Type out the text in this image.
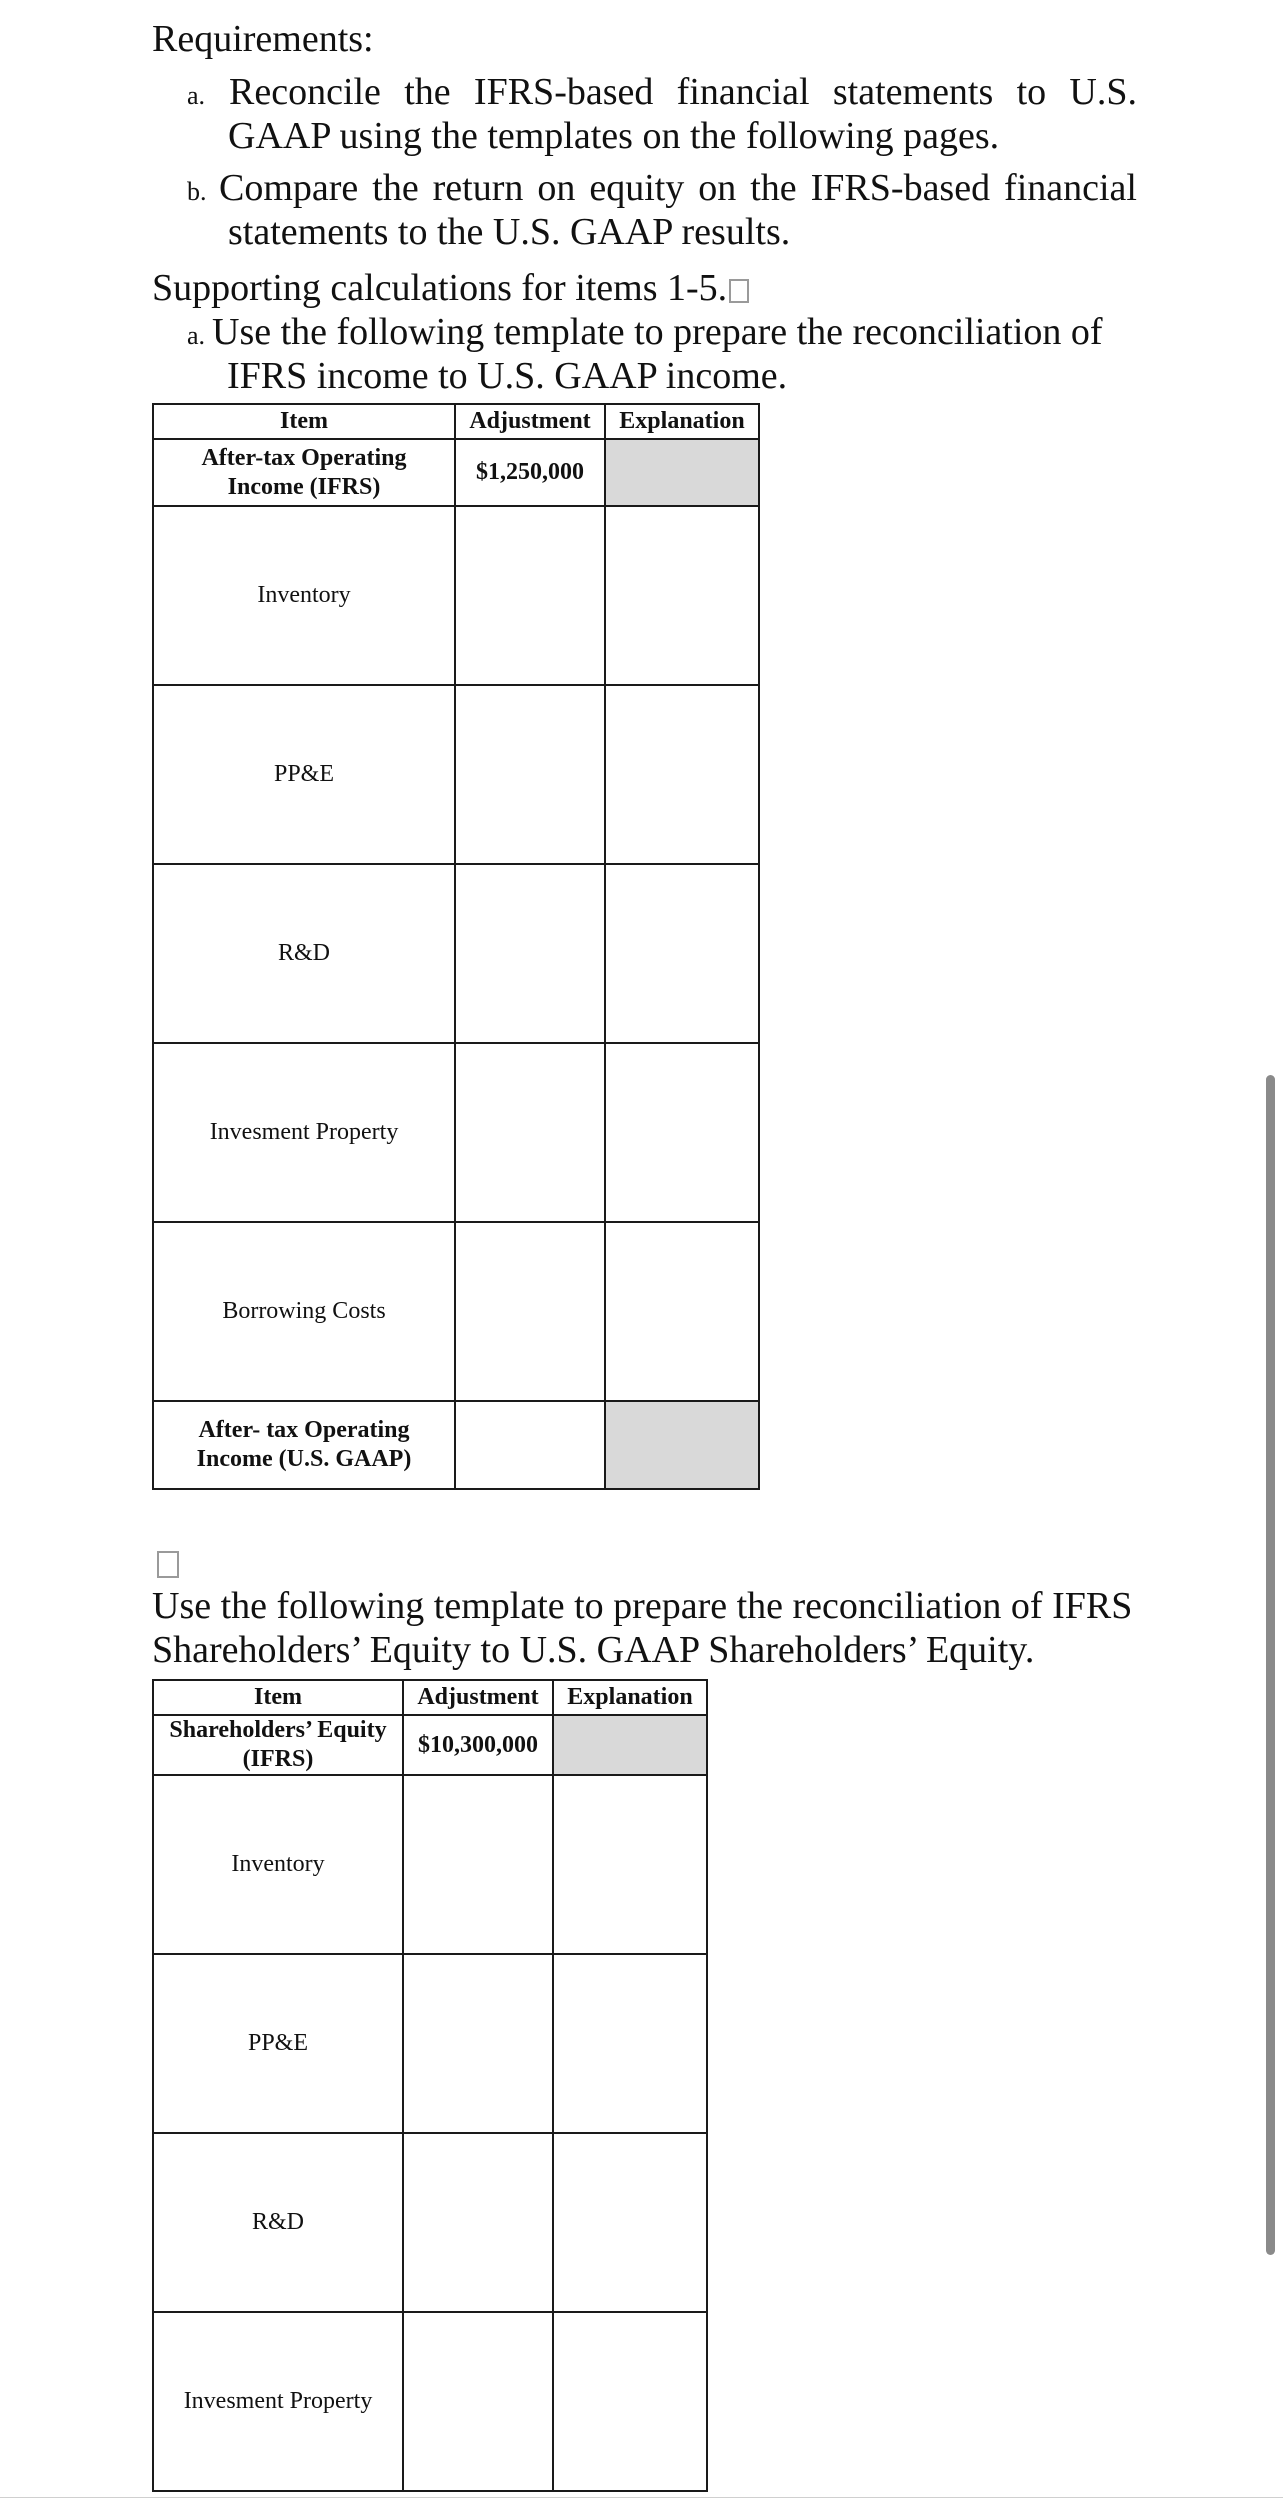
Requirements:
a. Reconcile the IFRS-based financial statements to U.S.
GAAP using the templates on the following pages.
b. Compare the return on equity on the IFRS-based financial
statements to the U.S. GAAP results.
Supporting calculations for items 1-5.
a. Use the following template to prepare the reconciliation of
IFRS income to U.S. GAAP income.
Item	Adjustment	Explanation

After-tax Operating
Income (IFRS)	$1,250,000	
Inventory		
PP&E		
R&D		
Invesment Property		
Borrowing Costs		

After- tax Operating
Income (U.S. GAAP)		

Use the following template to prepare the reconciliation of IFRS
Shareholders’ Equity to U.S. GAAP Shareholders’ Equity.
Item	Adjustment	Explanation

Shareholders’ Equity
(IFRS)	$10,300,000	
Inventory		
PP&E		
R&D		
Invesment Property		
